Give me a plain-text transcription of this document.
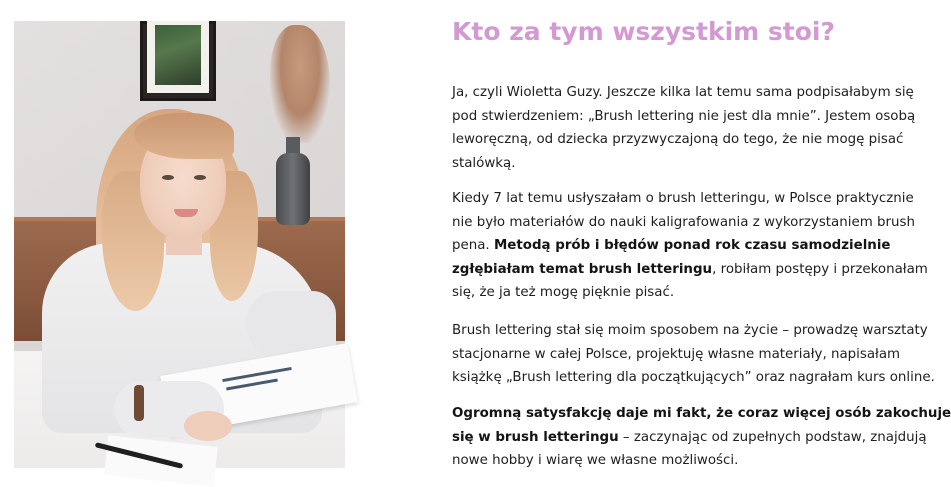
Kto za tym wszystkim stoi?

Ja, czyli Wioletta Guzy. Jeszcze kilka lat temu sama podpisałabym się
pod stwierdzeniem: „Brush lettering nie jest dla mnie”. Jestem osobą
leworęczną, od dziecka przyzwyczajoną do tego, że nie mogę pisać
stalówką.

Kiedy 7 lat temu usłyszałam o brush letteringu, w Polsce praktycznie
nie było materiałów do nauki kaligrafowania z wykorzystaniem brush
pena. Metodą prób i błędów ponad rok czasu samodzielnie
zgłębiałam temat brush letteringu, robiłam postępy i przekonałam
się, że ja też mogę pięknie pisać.

Brush lettering stał się moim sposobem na życie – prowadzę warsztaty
stacjonarne w całej Polsce, projektuję własne materiały, napisałam
książkę „Brush lettering dla początkujących” oraz nagrałam kurs online.

Ogromną satysfakcję daje mi fakt, że coraz więcej osób zakochuje
się w brush letteringu – zaczynając od zupełnych podstaw, znajdują
nowe hobby i wiarę we własne możliwości.
